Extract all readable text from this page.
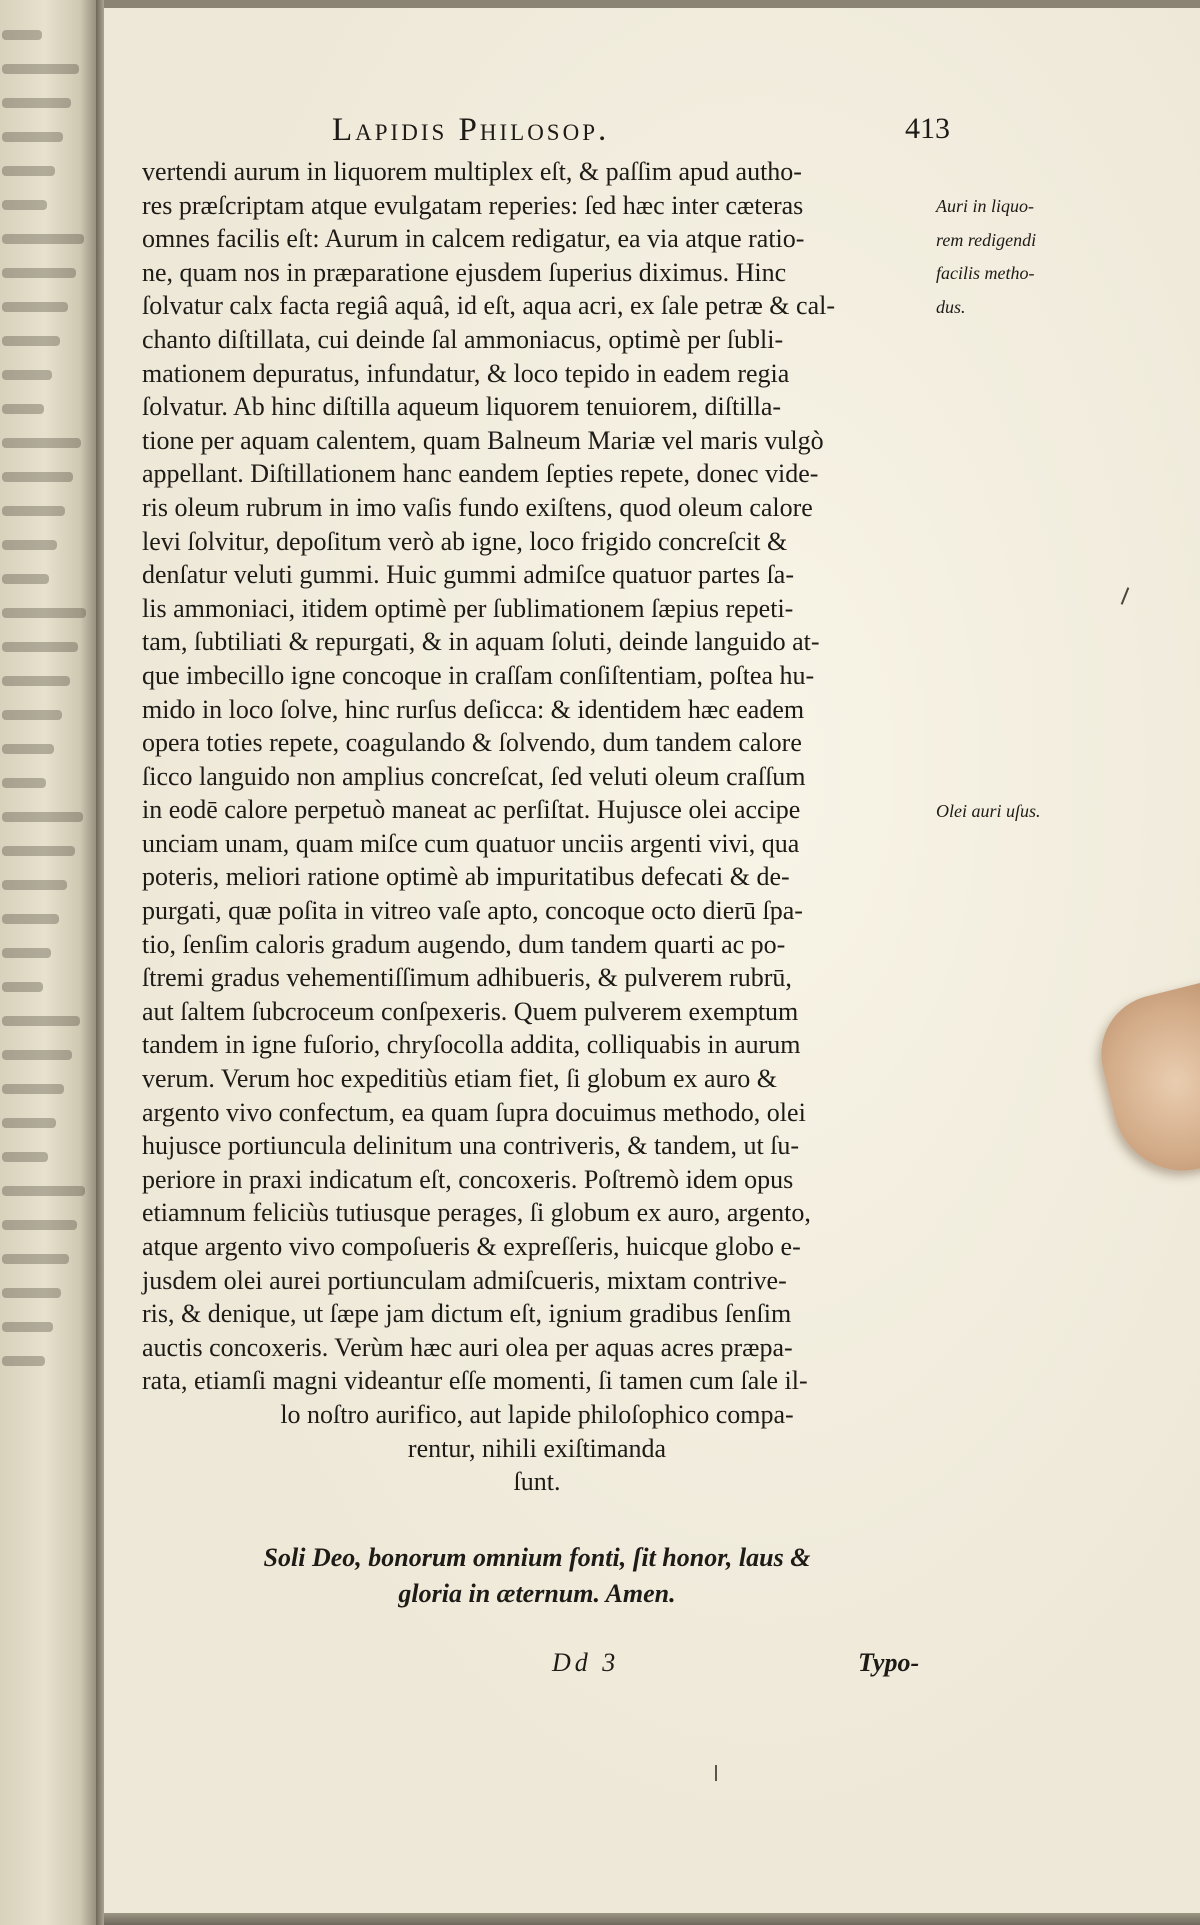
Lapidis Philosop.	413
vertendi aurum in liquorem multiplex eſt, & paſſim apud autho-
res præſcriptam atque evulgatam reperies: ſed hæc inter cæteras
omnes facilis eſt: Aurum in calcem redigatur, ea via atque ratio-
ne, quam nos in præparatione ejusdem ſuperius diximus. Hinc
ſolvatur calx facta regiâ aquâ, id eſt, aqua acri, ex ſale petræ & cal-
chanto diſtillata, cui deinde ſal ammoniacus, optimè per ſubli-
mationem depuratus, infundatur, & loco tepido in eadem regia
ſolvatur. Ab hinc diſtilla aqueum liquorem tenuiorem, diſtilla-
tione per aquam calentem, quam Balneum Mariæ vel maris vulgò
appellant. Diſtillationem hanc eandem ſepties repete, donec vide-
ris oleum rubrum in imo vaſis fundo exiſtens, quod oleum calore
levi ſolvitur, depoſitum verò ab igne, loco frigido concreſcit &
denſatur veluti gummi. Huic gummi admiſce quatuor partes ſa-
lis ammoniaci, itidem optimè per ſublimationem ſæpius repeti-
tam, ſubtiliati & repurgati, & in aquam ſoluti, deinde languido at-
que imbecillo igne concoque in craſſam conſiſtentiam, poſtea hu-
mido in loco ſolve, hinc rurſus deſicca: & identidem hæc eadem
opera toties repete, coagulando & ſolvendo, dum tandem calore
ſicco languido non amplius concreſcat, ſed veluti oleum craſſum
in eodē calore perpetuò maneat ac perſiſtat. Hujusce olei accipe
unciam unam, quam miſce cum quatuor unciis argenti vivi, qua
poteris, meliori ratione optimè ab impuritatibus defecati & de-
purgati, quæ poſita in vitreo vaſe apto, concoque octo dierū ſpa-
tio, ſenſim caloris gradum augendo, dum tandem quarti ac po-
ſtremi gradus vehementiſſimum adhibueris, & pulverem rubrū,
aut ſaltem ſubcroceum conſpexeris. Quem pulverem exemptum
tandem in igne fuſorio, chryſocolla addita, colliquabis in aurum
verum. Verum hoc expeditiùs etiam fiet, ſi globum ex auro &
argento vivo confectum, ea quam ſupra docuimus methodo, olei
hujusce portiuncula delinitum una contriveris, & tandem, ut ſu-
periore in praxi indicatum eſt, concoxeris. Poſtremò idem opus
etiamnum feliciùs tutiusque perages, ſi globum ex auro, argento,
atque argento vivo compoſueris & expreſſeris, huicque globo e-
jusdem olei aurei portiunculam admiſcueris, mixtam contrive-
ris, & denique, ut ſæpe jam dictum eſt, ignium gradibus ſenſim
auctis concoxeris. Verùm hæc auri olea per aquas acres præpa-
rata, etiamſi magni videantur eſſe momenti, ſi tamen cum ſale il-
lo noſtro aurifico, aut lapide philoſophico compa-
rentur, nihili exiſtimanda
ſunt.
Auri in liquo-
rem redigendi
facilis metho-
dus.
Olei auri uſus.
Soli Deo, bonorum omnium fonti, ſit honor, laus &
gloria in æternum. Amen.
Dd 3	Typo-
